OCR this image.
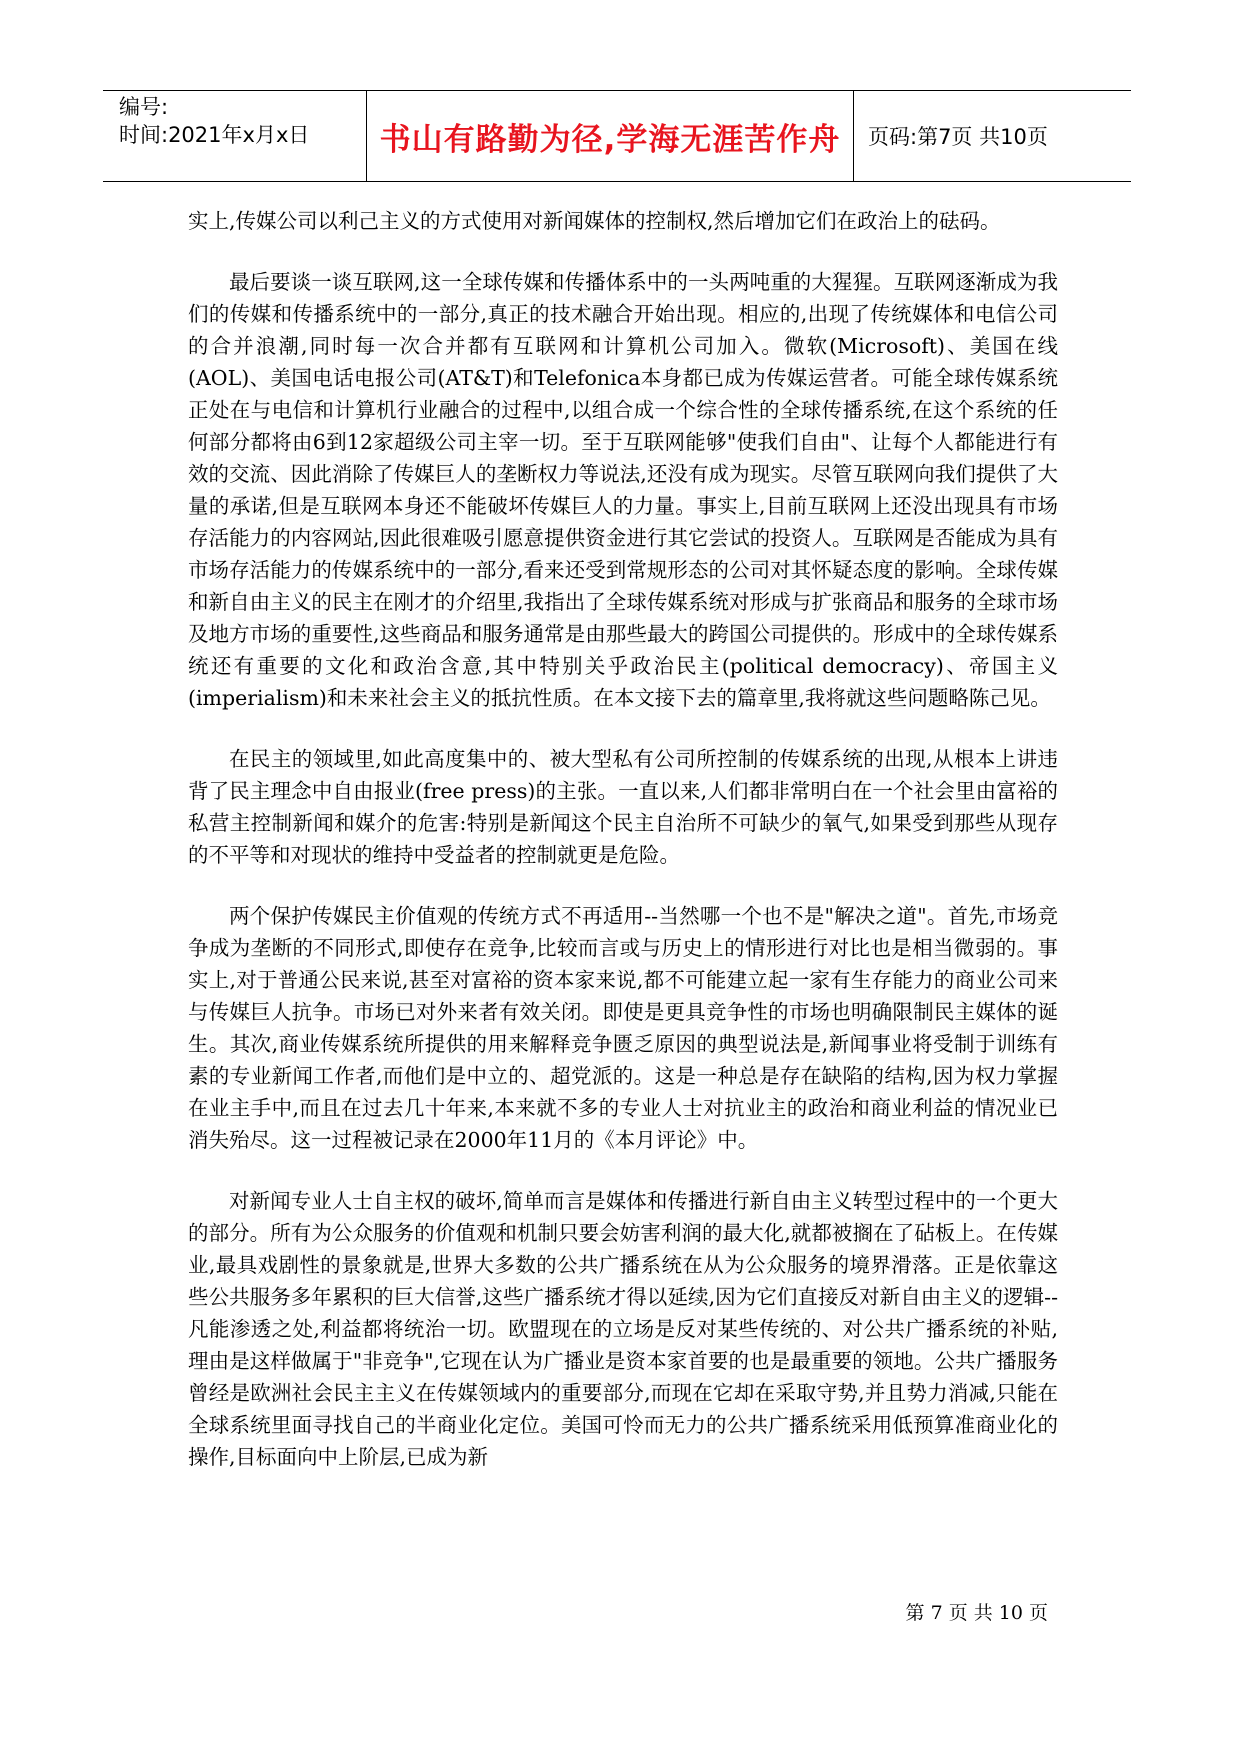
编号:
时间:2021年x月x日	书山有路勤为径,学海无涯苦作舟	页码:第7页 共10页

实上,传媒公司以利己主义的方式使用对新闻媒体的控制权,然后增加它们在政治上的砝码。

最后要谈一谈互联网,这一全球传媒和传播体系中的一头两吨重的大猩猩。互联网逐渐成为我们的传媒和传播系统中的一部分,真正的技术融合开始出现。相应的,出现了传统媒体和电信公司的合并浪潮,同时每一次合并都有互联网和计算机公司加入。微软(Microsoft)、美国在线(AOL)、美国电话电报公司(AT&T)和Telefonica本身都已成为传媒运营者。可能全球传媒系统正处在与电信和计算机行业融合的过程中,以组合成一个综合性的全球传播系统,在这个系统的任何部分都将由6到12家超级公司主宰一切。至于互联网能够"使我们自由"、让每个人都能进行有效的交流、因此消除了传媒巨人的垄断权力等说法,还没有成为现实。尽管互联网向我们提供了大量的承诺,但是互联网本身还不能破坏传媒巨人的力量。事实上,目前互联网上还没出现具有市场存活能力的内容网站,因此很难吸引愿意提供资金进行其它尝试的投资人。互联网是否能成为具有市场存活能力的传媒系统中的一部分,看来还受到常规形态的公司对其怀疑态度的影响。全球传媒和新自由主义的民主在刚才的介绍里,我指出了全球传媒系统对形成与扩张商品和服务的全球市场及地方市场的重要性,这些商品和服务通常是由那些最大的跨国公司提供的。形成中的全球传媒系统还有重要的文化和政治含意,其中特别关乎政治民主(political democracy)、帝国主义(imperialism)和未来社会主义的抵抗性质。在本文接下去的篇章里,我将就这些问题略陈己见。

在民主的领域里,如此高度集中的、被大型私有公司所控制的传媒系统的出现,从根本上讲违背了民主理念中自由报业(free press)的主张。一直以来,人们都非常明白在一个社会里由富裕的私营主控制新闻和媒介的危害:特别是新闻这个民主自治所不可缺少的氧气,如果受到那些从现存的不平等和对现状的维持中受益者的控制就更是危险。

两个保护传媒民主价值观的传统方式不再适用--当然哪一个也不是"解决之道"。首先,市场竞争成为垄断的不同形式,即使存在竞争,比较而言或与历史上的情形进行对比也是相当微弱的。事实上,对于普通公民来说,甚至对富裕的资本家来说,都不可能建立起一家有生存能力的商业公司来与传媒巨人抗争。市场已对外来者有效关闭。即使是更具竞争性的市场也明确限制民主媒体的诞生。其次,商业传媒系统所提供的用来解释竞争匮乏原因的典型说法是,新闻事业将受制于训练有素的专业新闻工作者,而他们是中立的、超党派的。这是一种总是存在缺陷的结构,因为权力掌握在业主手中,而且在过去几十年来,本来就不多的专业人士对抗业主的政治和商业利益的情况业已消失殆尽。这一过程被记录在2000年11月的《本月评论》中。

对新闻专业人士自主权的破坏,简单而言是媒体和传播进行新自由主义转型过程中的一个更大的部分。所有为公众服务的价值观和机制只要会妨害利润的最大化,就都被搁在了砧板上。在传媒业,最具戏剧性的景象就是,世界大多数的公共广播系统在从为公众服务的境界滑落。正是依靠这些公共服务多年累积的巨大信誉,这些广播系统才得以延续,因为它们直接反对新自由主义的逻辑--凡能渗透之处,利益都将统治一切。欧盟现在的立场是反对某些传统的、对公共广播系统的补贴,理由是这样做属于"非竞争",它现在认为广播业是资本家首要的也是最重要的领地。公共广播服务曾经是欧洲社会民主主义在传媒领域内的重要部分,而现在它却在采取守势,并且势力消减,只能在全球系统里面寻找自己的半商业化定位。美国可怜而无力的公共广播系统采用低预算准商业化的操作,目标面向中上阶层,已成为新

第 7 页 共 10 页
